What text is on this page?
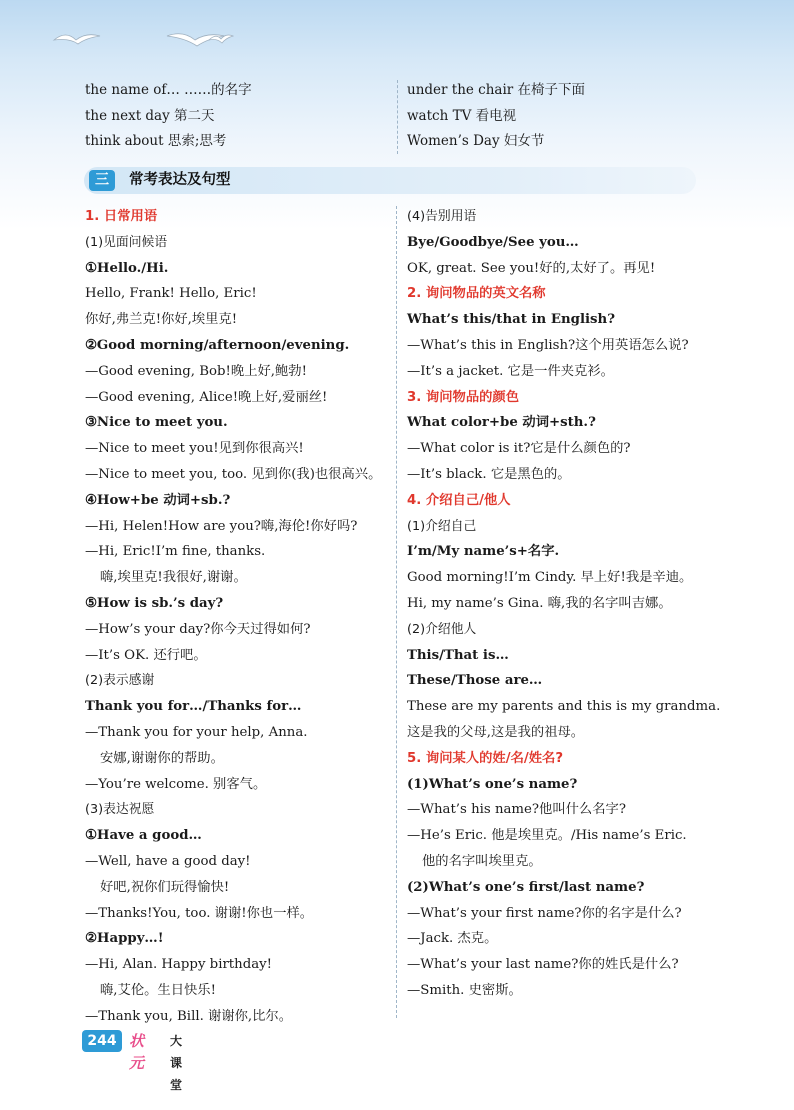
the name of… ……的名字
the next day 第二天
think about 思索;思考
under the chair 在椅子下面
watch TV 看电视
Women’s Day 妇女节
三	常考表达及句型
1. 日常用语
(1)见面问候语
①Hello./Hi.
Hello, Frank! Hello, Eric!
你好,弗兰克!你好,埃里克!
②Good morning/afternoon/evening.
—Good evening, Bob!晚上好,鲍勃!
—Good evening, Alice!晚上好,爱丽丝!
③Nice to meet you.
—Nice to meet you!见到你很高兴!
—Nice to meet you, too. 见到你(我)也很高兴。
④How+be 动词+sb.?
—Hi, Helen!How are you?嗨,海伦!你好吗?
—Hi, Eric!I’m fine, thanks.
嗨,埃里克!我很好,谢谢。
⑤How is sb.’s day?
—How’s your day?你今天过得如何?
—It’s OK. 还行吧。
(2)表示感谢
Thank you for…/Thanks for…
—Thank you for your help, Anna.
安娜,谢谢你的帮助。
—You’re welcome. 别客气。
(3)表达祝愿
①Have a good…
—Well, have a good day!
好吧,祝你们玩得愉快!
—Thanks!You, too. 谢谢!你也一样。
②Happy…!
—Hi, Alan. Happy birthday!
嗨,艾伦。生日快乐!
—Thank you, Bill. 谢谢你,比尔。
(4)告别用语
Bye/Goodbye/See you…
OK, great. See you!好的,太好了。再见!
2. 询问物品的英文名称
What’s this/that in English?
—What’s this in English?这个用英语怎么说?
—It’s a jacket. 它是一件夹克衫。
3. 询问物品的颜色
What color+be 动词+sth.?
—What color is it?它是什么颜色的?
—It’s black. 它是黑色的。
4. 介绍自己/他人
(1)介绍自己
I’m/My name’s+名字.
Good morning!I’m Cindy. 早上好!我是辛迪。
Hi, my name’s Gina. 嗨,我的名字叫吉娜。
(2)介绍他人
This/That is…
These/Those are…
These are my parents and this is my grandma.
这是我的父母,这是我的祖母。
5. 询问某人的姓/名/姓名?
(1)What’s one’s name?
—What’s his name?他叫什么名字?
—He’s Eric. 他是埃里克。/His name’s Eric.
他的名字叫埃里克。
(2)What’s one’s first/last name?
—What’s your first name?你的名字是什么?
—Jack. 杰克。
—What’s your last name?你的姓氏是什么?
—Smith. 史密斯。
244 状元
大课堂
